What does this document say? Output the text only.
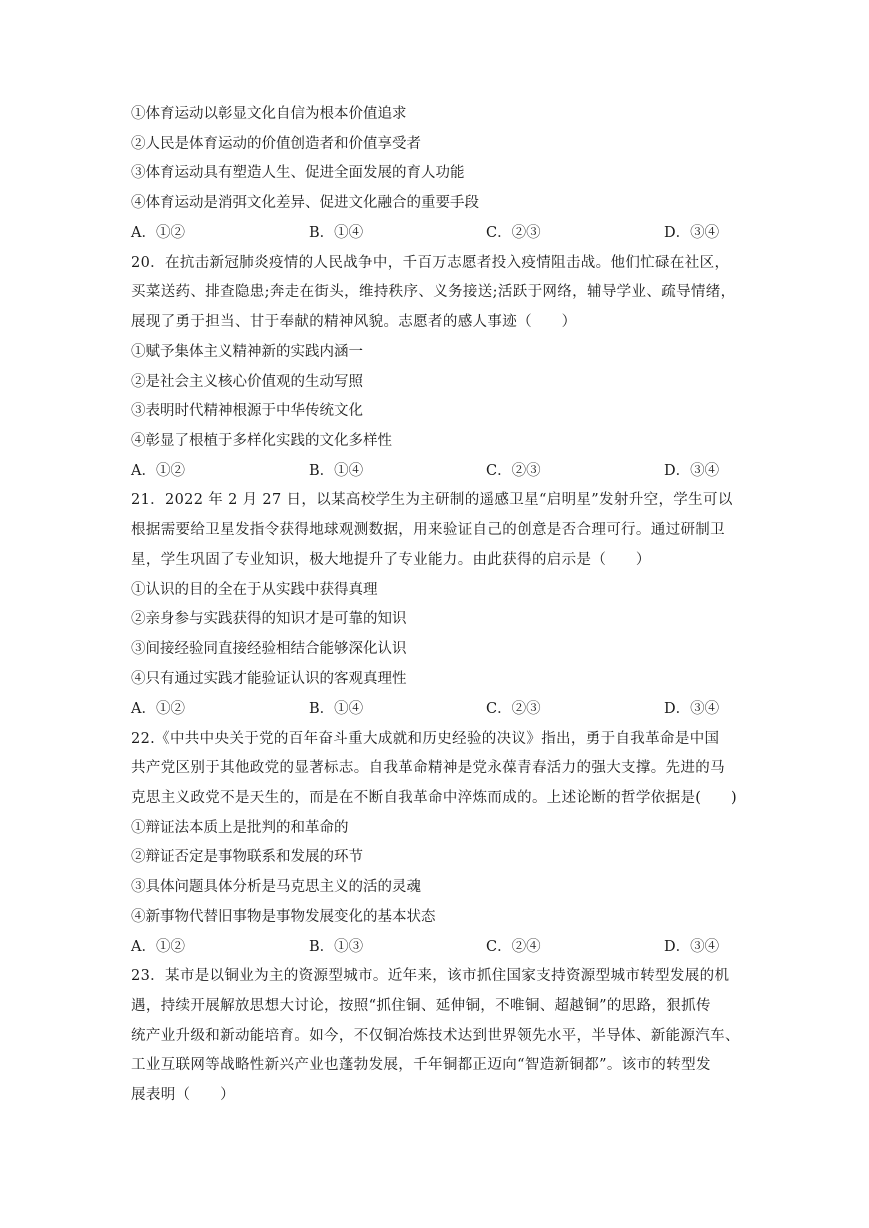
①体育运动以彰显文化自信为根本价值追求
②人民是体育运动的价值创造者和价值享受者
③体育运动具有塑造人生、促进全面发展的育人功能
④体育运动是消弭文化差异、促进文化融合的重要手段
A．①②	B．①④	C．②③	D．③④
20．在抗击新冠肺炎疫情的人民战争中，千百万志愿者投入疫情阻击战。他们忙碌在社区，
买菜送药、排查隐患;奔走在街头，维持秩序、义务接送;活跃于网络，辅导学业、疏导情绪，
展现了勇于担当、甘于奉献的精神风貌。志愿者的感人事迹（　　）
①赋予集体主义精神新的实践内涵一
②是社会主义核心价值观的生动写照
③表明时代精神根源于中华传统文化
④彰显了根植于多样化实践的文化多样性
A．①②	B．①④	C．②③	D．③④
21．2022 年 2 月 27 日，以某高校学生为主研制的遥感卫星“启明星”发射升空，学生可以
根据需要给卫星发指令获得地球观测数据，用来验证自己的创意是否合理可行。通过研制卫
星，学生巩固了专业知识，极大地提升了专业能力。由此获得的启示是（　　）
①认识的目的全在于从实践中获得真理
②亲身参与实践获得的知识才是可靠的知识
③间接经验同直接经验相结合能够深化认识
④只有通过实践才能验证认识的客观真理性
A．①②	B．①④	C．②③	D．③④
22.《中共中央关于党的百年奋斗重大成就和历史经验的决议》指出，勇于自我革命是中国
共产党区别于其他政党的显著标志。自我革命精神是党永葆青春活力的强大支撑。先进的马
克思主义政党不是天生的，而是在不断自我革命中淬炼而成的。上述论断的哲学依据是(　　)
①辩证法本质上是批判的和革命的
②辩证否定是事物联系和发展的环节
③具体问题具体分析是马克思主义的活的灵魂
④新事物代替旧事物是事物发展变化的基本状态
A．①②	B．①③	C．②④	D．③④
23．某市是以铜业为主的资源型城市。近年来，该市抓住国家支持资源型城市转型发展的机
遇，持续开展解放思想大讨论，按照“抓住铜、延伸铜，不唯铜、超越铜”的思路，狠抓传
统产业升级和新动能培育。如今，不仅铜冶炼技术达到世界领先水平，半导体、新能源汽车、
工业互联网等战略性新兴产业也蓬勃发展，千年铜都正迈向“智造新铜都”。该市的转型发
展表明（　　）
